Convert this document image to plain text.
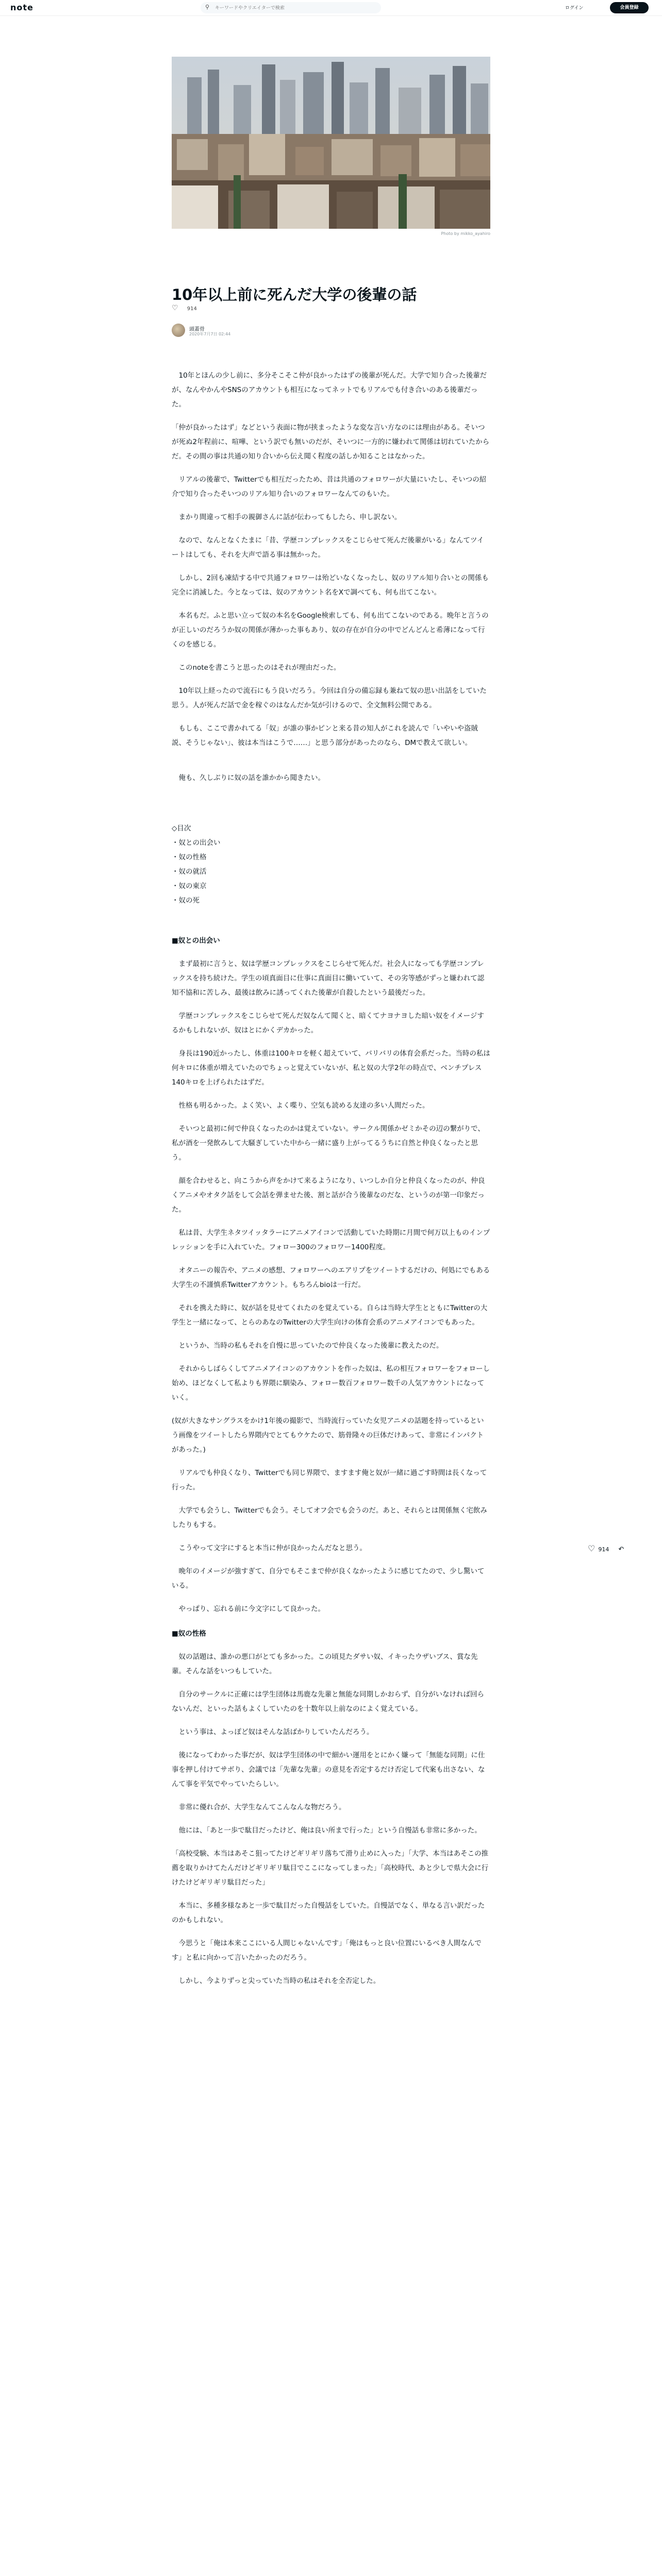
note	⚲
キーワードやクリエイターで検索	ログイン	会員登録
Photo by mikko_ayahiro
10年以上前に死んだ大学の後輩の話
♡ 914
頭蓋骨
2020年7月7日 02:44

　10年とほんの少し前に、多分そこそこ仲が良かったはずの後輩が死んだ。大学で知り合った後輩だが、なんやかんやSNSのアカウントも相互になってネットでもリアルでも付き合いのある後輩だった。

「仲が良かったはず」などという表面に物が挟まったような変な言い方なのには理由がある。そいつが死ぬ2年程前に、喧嘩、という訳でも無いのだが、そいつに一方的に嫌われて関係は切れていたからだ。その間の事は共通の知り合いから伝え聞く程度の話しか知ることはなかった。

　リアルの後輩で、Twitterでも相互だったため、昔は共通のフォロワーが大量にいたし、そいつの紹介で知り合ったそいつのリアル知り合いのフォロワーなんてのもいた。

　まかり間違って相手の親御さんに話が伝わってもしたら、申し訳ない。

　なので、なんとなくたまに「昔、学歴コンプレックスをこじらせて死んだ後輩がいる」なんてツイートはしても、それを大声で語る事は無かった。

　しかし、2回も凍結する中で共通フォロワーは殆どいなくなったし、奴のリアル知り合いとの関係も完全に消滅した。今となっては、奴のアカウント名をXで調べても、何も出てこない。

　本名もだ。ふと思い立って奴の本名をGoogle検索しても、何も出てこないのである。晩年と言うのが正しいのだろうか奴の関係が薄かった事もあり、奴の存在が自分の中でどんどんと希薄になって行くのを感じる。

　このnoteを書こうと思ったのはそれが理由だった。

　10年以上経ったので流石にもう良いだろう。今回は自分の備忘録も兼ねて奴の思い出話をしていた思う。人が死んだ話で金を稼ぐのはなんだか気が引けるので、全文無料公開である。

　もしも、ここで書かれてる「奴」が誰の事かピンと来る昔の知人がこれを読んで「いやいや盗賊説、そうじゃない」、彼は本当はこうで……」と思う部分があったのなら、DMで教えて欲しい。

　俺も、久しぶりに奴の話を誰かから聞きたい。

◇目次
・奴との出会い
・奴の性格
・奴の就活
・奴の東京
・奴の死

■奴との出会い

　まず最初に言うと、奴は学歴コンプレックスをこじらせて死んだ。社会人になっても学歴コンプレックスを持ち続けた。学生の頃真面目に仕事に真面目に働いていて、その劣等感がずっと嫌われて認知不協和に苦しみ、最後は飲みに誘ってくれた後輩が自殺したという最後だった。

　学歴コンプレックスをこじらせて死んだ奴なんて聞くと、暗くてナヨナヨした暗い奴をイメージするかもしれないが、奴はとにかくデカかった。

　身長は190近かったし、体重は100キロを軽く超えていて、バリバリの体育会系だった。当時の私は何キロに体重が増えていたのでちょっと覚えていないが、私と奴の大学2年の時点で、ベンチプレス140キロを上げられたはずだ。

　性格も明るかった。よく笑い、よく喋り、空気も読める友達の多い人間だった。

　そいつと最初に何で仲良くなったのかは覚えていない。サークル関係かゼミかその辺の繋がりで、私が酒を一発飲みして大騒ぎしていた中から一緒に盛り上がってるうちに自然と仲良くなったと思う。

　顔を合わせると、向こうから声をかけて来るようになり、いつしか自分と仲良くなったのが、仲良くアニメやオタク話をして会話を弾ませた後、割と話が合う後輩なのだな、というのが第一印象だった。

　私は昔、大学生ネタツイッタラーにアニメアイコンで活動していた時期に月間で何万以上ものインプレッションを手に入れていた。フォロー300のフォロワー1400程度。

　オタニーの報告や、アニメの感想、フォロワーへのエアリプをツイートするだけの、何処にでもある大学生の不謹慎系Twitterアカウント。もちろんbioは一行だ。

　それを携えた時に、奴が話を見せてくれたのを覚えている。自らは当時大学生とともにTwitterの大学生と一緒になって、とらのあなのTwitterの大学生向けの体育会系のアニメアイコンでもあった。

　というか、当時の私もそれを自慢に思っていたので仲良くなった後輩に教えたのだ。

　それからしばらくしてアニメアイコンのアカウントを作った奴は、私の相互フォロワーをフォローし始め、ほどなくして私よりも界隈に馴染み、フォロー数百フォロワー数千の人気アカウントになっていく。

(奴が大きなサングラスをかけ1年後の撮影で、当時流行っていた女児アニメの話題を持っているという画像をツイートしたら界隈内でとてもウケたので、筋骨隆々の巨体だけあって、非常にインパクトがあった。)

　リアルでも仲良くなり、Twitterでも同じ界隈で、ますます俺と奴が一緒に過ごす時間は長くなって行った。

　大学でも会うし、Twitterでも会う。そしてオフ会でも会うのだ。あと、それらとは関係無く宅飲みしたりもする。

　こうやって文字にすると本当に仲が良かったんだなと思う。

　晩年のイメージが強すぎて、自分でもそこまで仲が良くなかったように感じてたので、少し驚いている。

　やっぱり、忘れる前に今文字にして良かった。

■奴の性格

　奴の話題は、誰かの悪口がとても多かった。この頃見たダサい奴、イキったウザいブス、賞な先輩。そんな話をいつもしていた。

　自分のサークルに正確には学生団体は馬鹿な先輩と無能な同期しかおらず、自分がいなければ回らないんだ、といった話もよくしていたのを十数年以上前なのによく覚えている。

　という事は、よっぽど奴はそんな話ばかりしていたんだろう。

　後になってわかった事だが、奴は学生団体の中で細かい運用をとにかく嫌って「無能な同期」に仕事を押し付けてサボり、会議では「先輩な先輩」の意見を否定するだけ否定して代案も出さない、なんて事を平気でやっていたらしい。

　非常に優れ合が、大学生なんてこんなんな物だろう。

　他には、「あと一歩で駄目だったけど、俺は良い所まで行った」という自慢話も非常に多かった。

「高校受験、本当はあそこ狙ってたけどギリギリ落ちて滑り止めに入った」「大学、本当はあそこの推薦を取りかけてたんだけどギリギリ駄目でここになってしまった」「高校時代、あと少しで県大会に行けたけどギリギリ駄目だった」

　本当に、多種多様なあと一歩で駄目だった自慢話をしていた。自慢話でなく、単なる言い訳だったのかもしれない。

　今思うと「俺は本来ここにいる人間じゃないんです」「俺はもっと良い位置にいるべき人間なんです」と私に向かって言いたかったのだろう。

　しかし、今よりずっと尖っていた当時の私はそれを全否定した。

♡ 914 ↶
